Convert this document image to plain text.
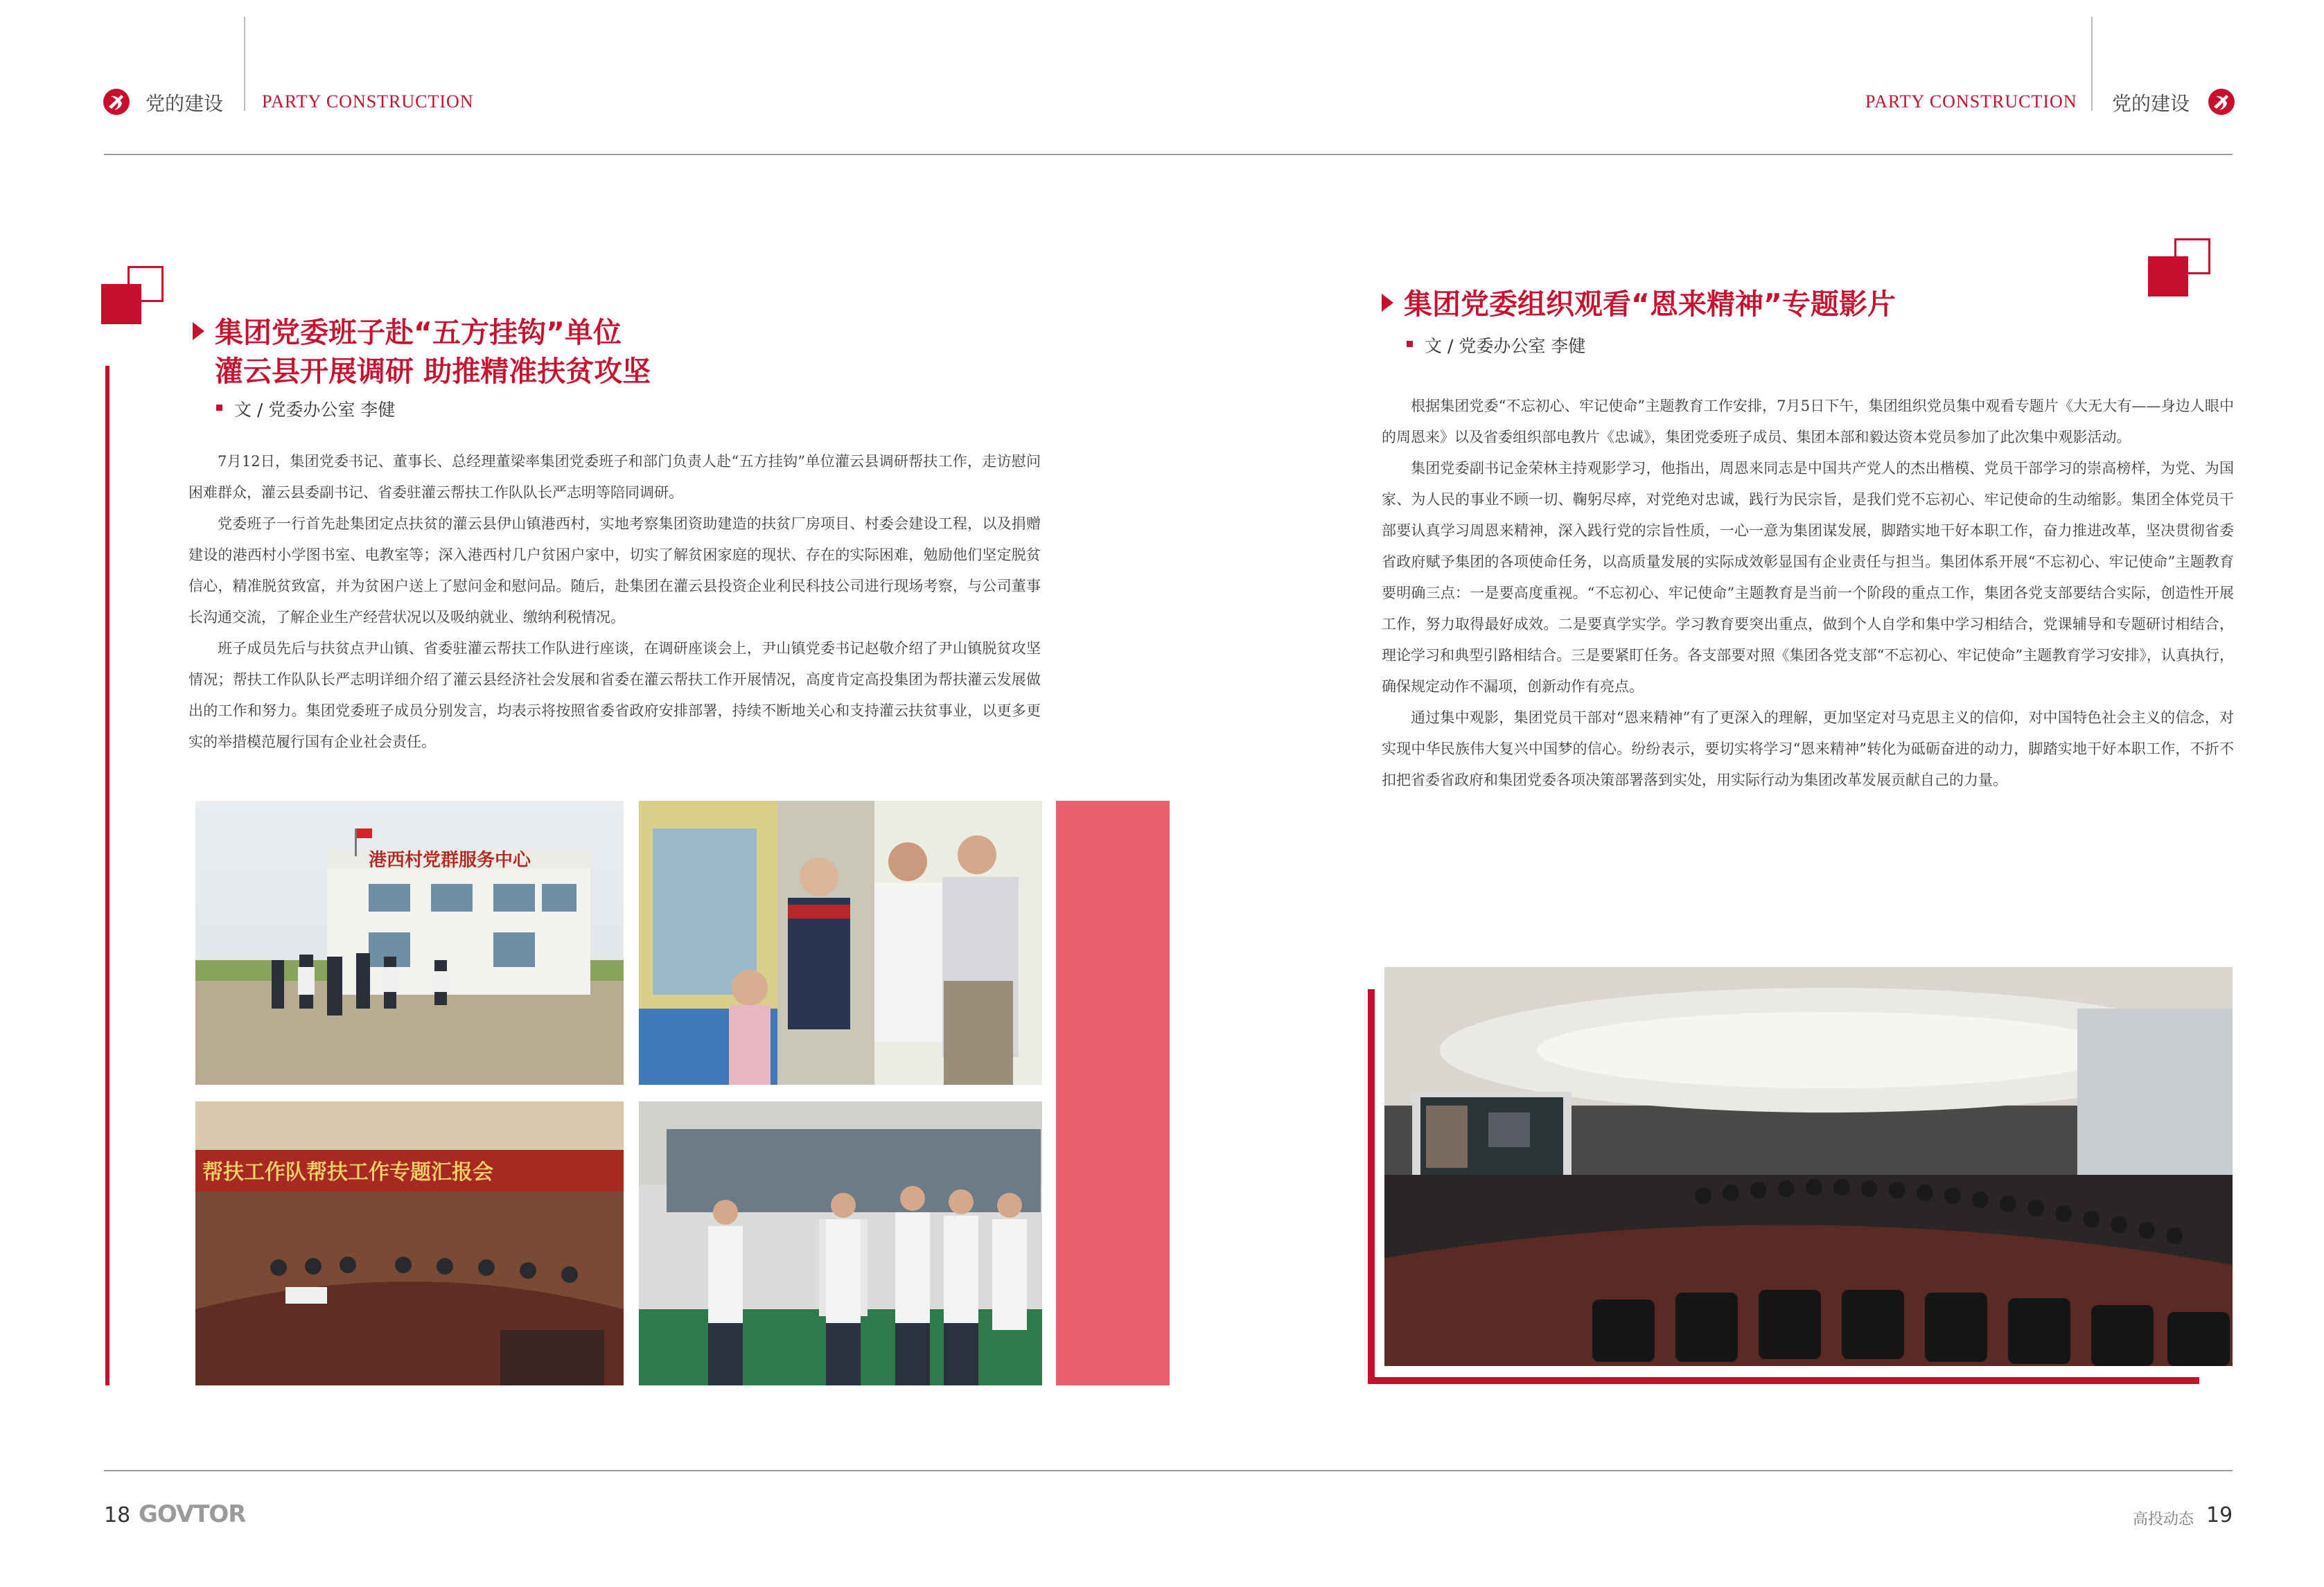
党的建设 PARTY CONSTRUCTION	PARTY CONSTRUCTION 党的建设
集团党委班子赴“五方挂钩”单位
灌云县开展调研 助推精准扶贫攻坚
文 / 党委办公室 李健

7月12日，集团党委书记、董事长、总经理董梁率集团党委班子和部门负责人赴“五方挂钩”单位灌云县调研帮扶工作，走访慰问困难群众，灌云县委副书记、省委驻灌云帮扶工作队队长严志明等陪同调研。

党委班子一行首先赴集团定点扶贫的灌云县伊山镇港西村，实地考察集团资助建造的扶贫厂房项目、村委会建设工程，以及捐赠建设的港西村小学图书室、电教室等；深入港西村几户贫困户家中，切实了解贫困家庭的现状、存在的实际困难，勉励他们坚定脱贫信心，精准脱贫致富，并为贫困户送上了慰问金和慰问品。随后，赴集团在灌云县投资企业利民科技公司进行现场考察，与公司董事长沟通交流，了解企业生产经营状况以及吸纳就业、缴纳利税情况。

班子成员先后与扶贫点尹山镇、省委驻灌云帮扶工作队进行座谈，在调研座谈会上，尹山镇党委书记赵敬介绍了尹山镇脱贫攻坚情况；帮扶工作队队长严志明详细介绍了灌云县经济社会发展和省委在灌云帮扶工作开展情况，高度肯定高投集团为帮扶灌云发展做出的工作和努力。集团党委班子成员分别发言，均表示将按照省委省政府安排部署，持续不断地关心和支持灌云扶贫事业，以更多更实的举措模范履行国有企业社会责任。

港西村党群服务中心
帮扶工作队帮扶工作专题汇报会
集团党委组织观看“恩来精神”专题影片
文 / 党委办公室 李健

根据集团党委“不忘初心、牢记使命”主题教育工作安排，7月5日下午，集团组织党员集中观看专题片《大无大有——身边人眼中的周恩来》以及省委组织部电教片《忠诚》，集团党委班子成员、集团本部和毅达资本党员参加了此次集中观影活动。

集团党委副书记金荣林主持观影学习，他指出，周恩来同志是中国共产党人的杰出楷模、党员干部学习的崇高榜样，为党、为国家、为人民的事业不顾一切、鞠躬尽瘁，对党绝对忠诚，践行为民宗旨，是我们党不忘初心、牢记使命的生动缩影。集团全体党员干部要认真学习周恩来精神，深入践行党的宗旨性质，一心一意为集团谋发展，脚踏实地干好本职工作，奋力推进改革，坚决贯彻省委省政府赋予集团的各项使命任务，以高质量发展的实际成效彰显国有企业责任与担当。集团体系开展“不忘初心、牢记使命”主题教育要明确三点：一是要高度重视。“不忘初心、牢记使命”主题教育是当前一个阶段的重点工作，集团各党支部要结合实际，创造性开展工作，努力取得最好成效。二是要真学实学。学习教育要突出重点，做到个人自学和集中学习相结合，党课辅导和专题研讨相结合，理论学习和典型引路相结合。三是要紧盯任务。各支部要对照《集团各党支部“不忘初心、牢记使命”主题教育学习安排》，认真执行，确保规定动作不漏项，创新动作有亮点。

通过集中观影，集团党员干部对“恩来精神”有了更深入的理解，更加坚定对马克思主义的信仰，对中国特色社会主义的信念，对实现中华民族伟大复兴中国梦的信心。纷纷表示，要切实将学习“恩来精神”转化为砥砺奋进的动力，脚踏实地干好本职工作，不折不扣把省委省政府和集团党委各项决策部署落到实处，用实际行动为集团改革发展贡献自己的力量。

18 GOVTOR	高投动态 19
